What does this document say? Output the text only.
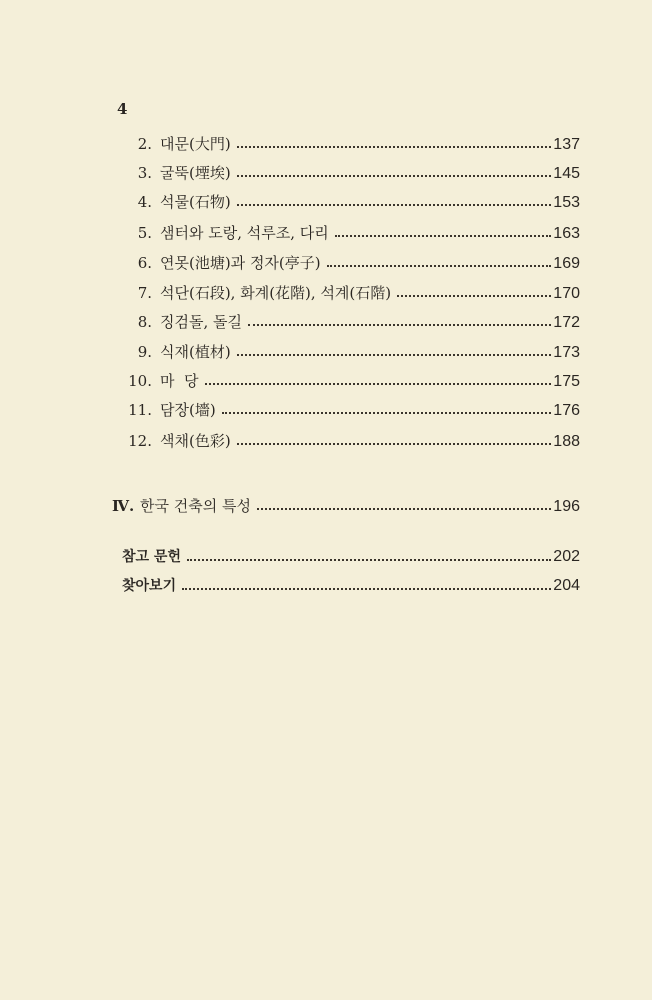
4
2. 대문(大門)	137
3. 굴뚝(堙埃)	145
4. 석물(石物)	153
5. 샘터와 도랑, 석루조, 다리	163
6. 연못(池塘)과 정자(亭子)	169
7. 석단(石段), 화계(花階), 석계(石階)	170
8. 징검돌, 돌길	172
9. 식재(植材)	173
10. 마  당	175
11. 담장(墻)	176
12. 색채(色彩)	188
Ⅳ. 한국 건축의 특성	196
참고 문헌	202
찾아보기	204
